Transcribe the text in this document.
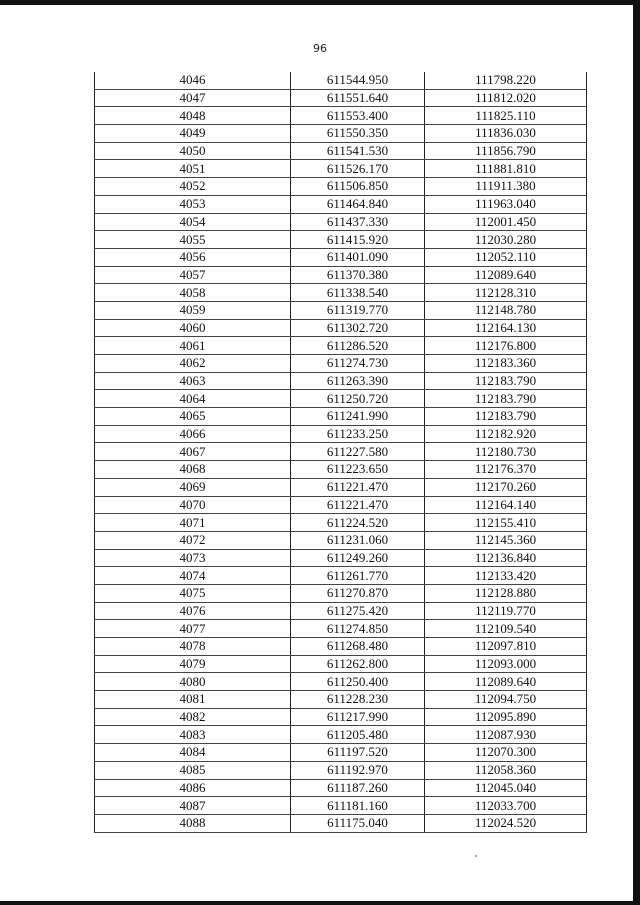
96
4046	611544.950	111798.220
4047	611551.640	111812.020
4048	611553.400	111825.110
4049	611550.350	111836.030
4050	611541.530	111856.790
4051	611526.170	111881.810
4052	611506.850	111911.380
4053	611464.840	111963.040
4054	611437.330	112001.450
4055	611415.920	112030.280
4056	611401.090	112052.110
4057	611370.380	112089.640
4058	611338.540	112128.310
4059	611319.770	112148.780
4060	611302.720	112164.130
4061	611286.520	112176.800
4062	611274.730	112183.360
4063	611263.390	112183.790
4064	611250.720	112183.790
4065	611241.990	112183.790
4066	611233.250	112182.920
4067	611227.580	112180.730
4068	611223.650	112176.370
4069	611221.470	112170.260
4070	611221.470	112164.140
4071	611224.520	112155.410
4072	611231.060	112145.360
4073	611249.260	112136.840
4074	611261.770	112133.420
4075	611270.870	112128.880
4076	611275.420	112119.770
4077	611274.850	112109.540
4078	611268.480	112097.810
4079	611262.800	112093.000
4080	611250.400	112089.640
4081	611228.230	112094.750
4082	611217.990	112095.890
4083	611205.480	112087.930
4084	611197.520	112070.300
4085	611192.970	112058.360
4086	611187.260	112045.040
4087	611181.160	112033.700
4088	611175.040	112024.520
